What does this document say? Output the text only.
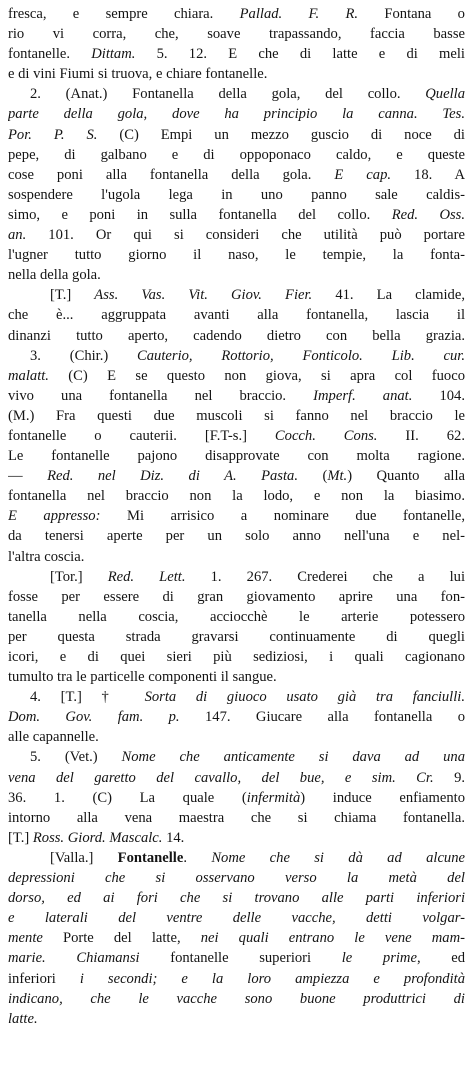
fresca, e sempre chiara. Pallad. F. R. Fontana o
rio vi corra, che, soave trapassando, faccia basse
fontanelle. Dittam. 5. 12. E che di latte e di meli
e di vini Fiumi si truova, e chiare fontanelle.
2. (Anat.) Fontanella della gola, del collo. Quella
parte della gola, dove ha principio la canna. Tes.
Por. P. S. (C) Empi un mezzo guscio di noce di
pepe, di galbano e di oppoponaco caldo, e queste
cose poni alla fontanella della gola. E cap. 18. A
sospendere l'ugola lega in uno panno sale caldis-
simo, e poni in sulla fontanella del collo. Red. Oss.
an. 101. Or qui si consideri che utilità può portare
l'ugner tutto giorno il naso, le tempie, la fonta-
nella della gola.
[T.] Ass. Vas. Vit. Giov. Fier. 41. La clamide,
che è... aggruppata avanti alla fontanella, lascia il
dinanzi tutto aperto, cadendo dietro con bella grazia.
3. (Chir.) Cauterio, Rottorio, Fonticolo. Lib. cur.
malatt. (C) E se questo non giova, si apra col fuoco
vivo una fontanella nel braccio. Imperf. anat. 104.
(M.) Fra questi due muscoli si fanno nel braccio le
fontanelle o cauterii. [F.T-s.] Cocch. Cons. II. 62.
Le fontanelle pajono disapprovate con molta ragione.
— Red. nel Diz. di A. Pasta. (Mt.) Quanto alla
fontanella nel braccio non la lodo, e non la biasimo.
E appresso: Mi arrisico a nominare due fontanelle,
da tenersi aperte per un solo anno nell'una e nel-
l'altra coscia.
[Tor.] Red. Lett. 1. 267. Crederei che a lui
fosse per essere di gran giovamento aprire una fon-
tanella nella coscia, acciocchè le arterie potessero
per questa strada gravarsi continuamente di quegli
icori, e di quei sieri più sediziosi, i quali cagionano
tumulto tra le particelle componenti il sangue.
4. [T.] † Sorta di giuoco usato già tra fanciulli.
Dom. Gov. fam. p. 147. Giucare alla fontanella o
alle capannelle.
5. (Vet.) Nome che anticamente si dava ad una
vena del garetto del cavallo, del bue, e sim. Cr. 9.
36. 1. (C) La quale (infermità) induce enfiamento
intorno alla vena maestra che si chiama fontanella.
[T.] Ross. Giord. Mascalc. 14.
[Valla.] Fontanelle. Nome che si dà ad alcune
depressioni che si osservano verso la metà del
dorso, ed ai fori che si trovano alle parti inferiori
e laterali del ventre delle vacche, detti volgar-
mente Porte del latte, nei quali entrano le vene mam-
marie. Chiamansi fontanelle superiori le prime, ed
inferiori i secondi; e la loro ampiezza e profondità
indicano, che le vacche sono buone produttrici di
latte.
